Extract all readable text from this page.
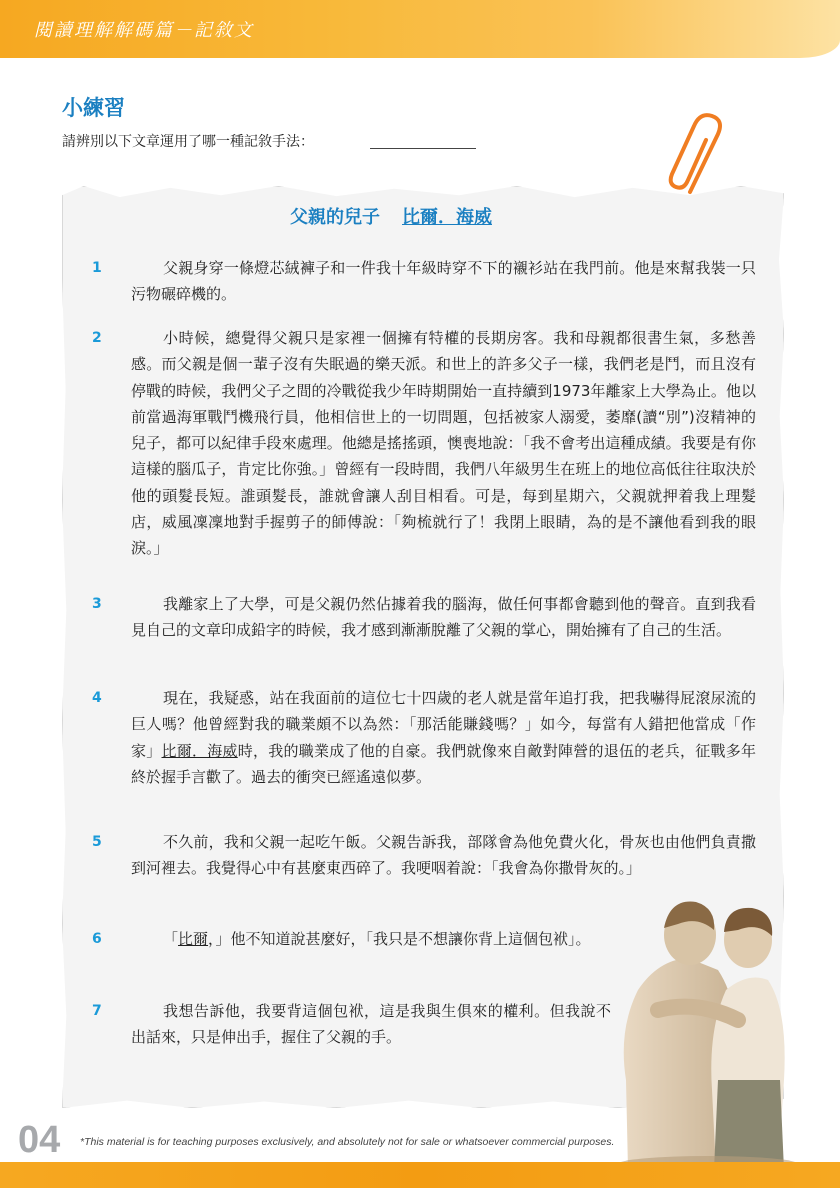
閱讀理解解碼篇－記敘文
小練習
請辨別以下文章運用了哪一種記敘手法：
父親的兒子 比爾．海威
1	父親身穿一條燈芯絨褲子和一件我十年級時穿不下的襯衫站在我門前。他是來幫我裝一只污物碾碎機的。
2	小時候，總覺得父親只是家裡一個擁有特權的長期房客。我和母親都很書生氣，多愁善感。而父親是個一輩子沒有失眠過的樂天派。和世上的許多父子一樣，我們老是鬥，而且沒有停戰的時候，我們父子之間的冷戰從我少年時期開始一直持續到1973年離家上大學為止。他以前當過海軍戰鬥機飛行員，他相信世上的一切問題，包括被家人溺愛，萎靡(讀“別”)沒精神的兒子，都可以紀律手段來處理。他總是搖搖頭，懊喪地說：「我不會考出這種成績。我要是有你這樣的腦瓜子，肯定比你強。」曾經有一段時間，我們八年級男生在班上的地位高低往往取決於他的頭髮長短。誰頭髮長，誰就會讓人刮目相看。可是，每到星期六，父親就押着我上理髮店，威風凜凜地對手握剪子的師傅說：「夠梳就行了！我閉上眼睛，為的是不讓他看到我的眼淚。」
3	我離家上了大學，可是父親仍然佔據着我的腦海，做任何事都會聽到他的聲音。直到我看見自己的文章印成鉛字的時候，我才感到漸漸脫離了父親的掌心，開始擁有了自己的生活。
4	現在，我疑惑，站在我面前的這位七十四歲的老人就是當年追打我，把我嚇得屁滾尿流的巨人嗎？他曾經對我的職業頗不以為然：「那活能賺錢嗎？」如今，每當有人錯把他當成「作家」比爾．海威時，我的職業成了他的自豪。我們就像來自敵對陣營的退伍的老兵，征戰多年終於握手言歡了。過去的衝突已經遙遠似夢。
5	不久前，我和父親一起吃午飯。父親告訴我，部隊會為他免費火化，骨灰也由他們負責撒到河裡去。我覺得心中有甚麼東西碎了。我哽咽着說：「我會為你撒骨灰的。」
6	「比爾，」他不知道說甚麼好，「我只是不想讓你背上這個包袱」。
7	我想告訴他，我要背這個包袱，這是我與生俱來的權利。但我說不出話來，只是伸出手，握住了父親的手。
04 *This material is for teaching purposes exclusively, and absolutely not for sale or whatsoever commercial purposes.
